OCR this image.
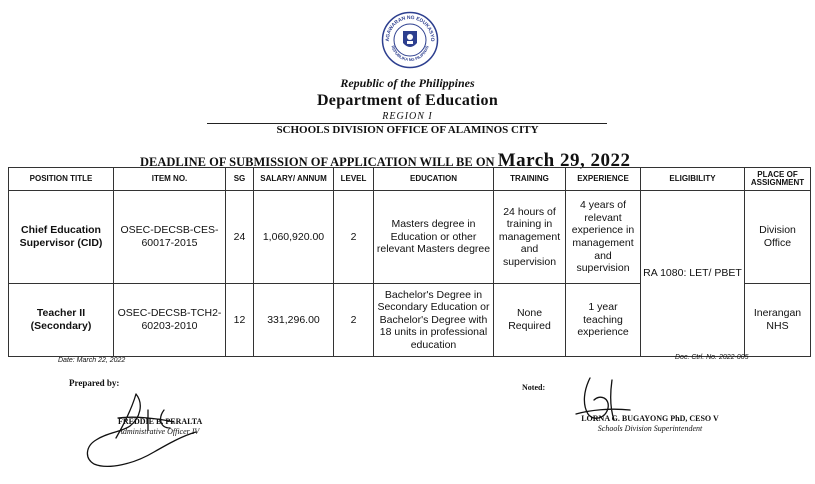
AGAWARAN NG EDUKASYO
REPUBLIKA NG PILIPINAS
Republic of the Philippines
Department of Education
REGION I
SCHOOLS DIVISION OFFICE OF ALAMINOS CITY
DEADLINE OF SUBMISSION OF APPLICATION WILL BE ON March 29, 2022
POSITION TITLE	ITEM NO.	SG	SALARY/ ANNUM	LEVEL	EDUCATION	TRAINING	EXPERIENCE	ELIGIBILITY	PLACE OF ASSIGNMENT
Chief Education Supervisor (CID)	OSEC-DECSB-CES-60017-2015	24	1,060,920.00	2	Masters degree in Education or other relevant Masters degree	24 hours of training in management and supervision	4 years of relevant experience in management and supervision	RA 1080: LET/ PBET	Division Office
Teacher II (Secondary)	OSEC-DECSB-TCH2-60203-2010	12	331,296.00	2	Bachelor's Degree in Secondary Education or Bachelor's Degree with 18 units in professional education	None Required	1 year teaching experience		Inerangan NHS
Date: March 22, 2022	Doc. Ctrl. No. 2022-005
Prepared by:
FREDDIE B. PERALTA
Administrative Officer IV
Noted:
LORNA G. BUGAYONG PhD, CESO V
Schools Division Superintendent
